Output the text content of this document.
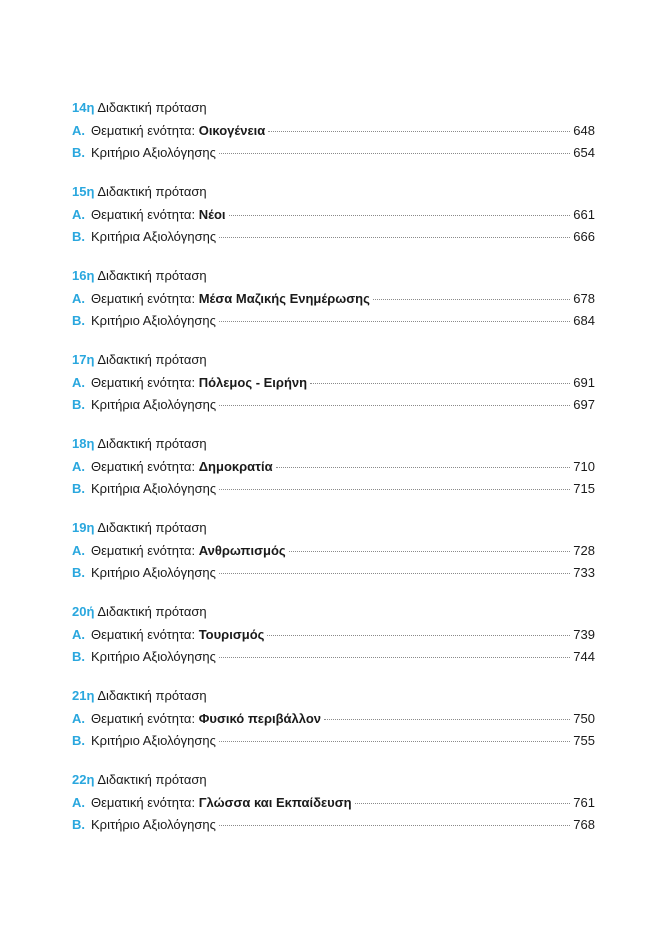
14η Διδακτική πρόταση
Α. Θεματική ενότητα: Οικογένεια	648
Β. Κριτήριο Αξιολόγησης	654
15η Διδακτική πρόταση
Α. Θεματική ενότητα: Νέοι	661
Β. Κριτήρια Αξιολόγησης	666
16η Διδακτική πρόταση
Α. Θεματική ενότητα: Μέσα Μαζικής Ενημέρωσης	678
Β. Κριτήριο Αξιολόγησης	684
17η Διδακτική πρόταση
Α. Θεματική ενότητα: Πόλεμος - Ειρήνη	691
Β. Κριτήρια Αξιολόγησης	697
18η Διδακτική πρόταση
Α. Θεματική ενότητα: Δημοκρατία	710
Β. Κριτήρια Αξιολόγησης	715
19η Διδακτική πρόταση
Α. Θεματική ενότητα: Ανθρωπισμός	728
Β. Κριτήριο Αξιολόγησης	733
20ή Διδακτική πρόταση
Α. Θεματική ενότητα: Τουρισμός	739
Β. Κριτήριο Αξιολόγησης	744
21η Διδακτική πρόταση
Α. Θεματική ενότητα: Φυσικό περιβάλλον	750
Β. Κριτήριο Αξιολόγησης	755
22η Διδακτική πρόταση
Α. Θεματική ενότητα: Γλώσσα και Εκπαίδευση	761
Β. Κριτήριο Αξιολόγησης	768
